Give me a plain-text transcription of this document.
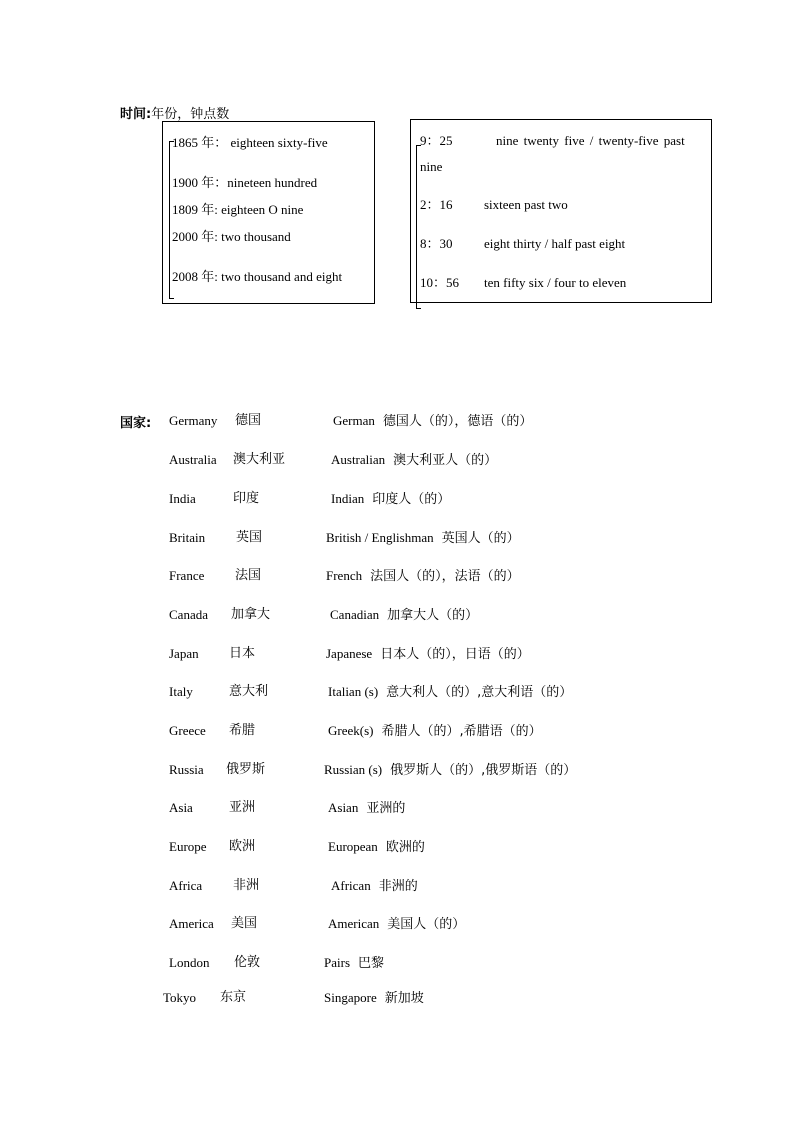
时间:年份，钟点数
1865 年： eighteen sixty-five
1900 年：nineteen hundred
1809 年: eighteen O nine
2000 年: two thousand
2008 年: two thousand and eight
9：25	nine twenty five / twenty-five past
nine
2：16 sixteen past two
8：30 eight thirty / half past eight
10：56 ten fifty six / four to eleven
国家: Germany 德国	German 德国人（的），德语（的）
Australia 澳大利亚	Australian 澳大利亚人（的）
India	印度	Indian 印度人（的）
Britain 英国	British / Englishman 英国人（的）
France 法国	French 法国人（的），法语（的）
Canada 加拿大	Canadian 加拿大人（的）
Japan 日本	Japanese 日本人（的），日语（的）
Italy	意大利	Italian (s) 意大利人（的）,意大利语（的）
Greece 希腊	Greek(s) 希腊人（的）,希腊语（的）
Russia 俄罗斯	Russian (s) 俄罗斯人（的）,俄罗斯语（的）
Asia	亚洲	Asian 亚洲的
Europe 欧洲	European 欧洲的
Africa 非洲	African 非洲的
America 美国	American 美国人（的）
London 伦敦	Pairs 巴黎
Tokyo 东京	Singapore 新加坡
